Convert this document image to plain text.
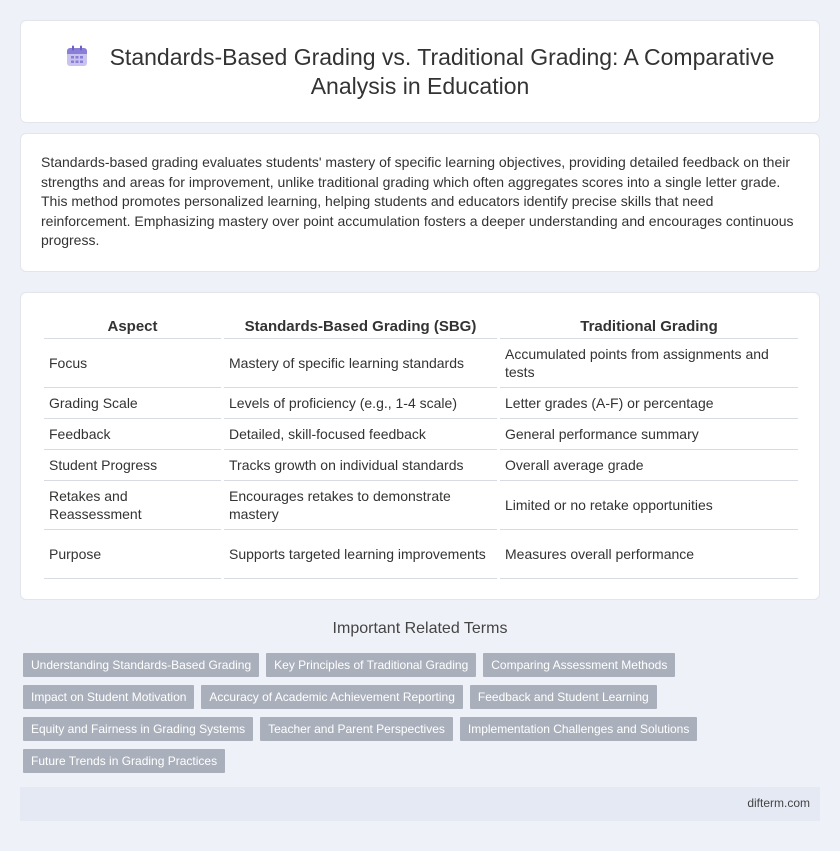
Standards-Based Grading vs. Traditional Grading: A Comparative Analysis in Education

Standards-based grading evaluates students' mastery of specific learning objectives, providing detailed feedback on their strengths and areas for improvement, unlike traditional grading which often aggregates scores into a single letter grade. This method promotes personalized learning, helping students and educators identify precise skills that need reinforcement. Emphasizing mastery over point accumulation fosters a deeper understanding and encourages continuous progress.

Aspect	Standards-Based Grading (SBG)	Traditional Grading
Focus	Mastery of specific learning standards	Accumulated points from assignments and tests
Grading Scale	Levels of proficiency (e.g., 1-4 scale)	Letter grades (A-F) or percentage
Feedback	Detailed, skill-focused feedback	General performance summary
Student Progress	Tracks growth on individual standards	Overall average grade
Retakes and Reassessment	Encourages retakes to demonstrate mastery	Limited or no retake opportunities
Purpose	Supports targeted learning improvements	Measures overall performance
Important Related Terms
Understanding Standards-Based Grading	Key Principles of Traditional Grading	Comparing Assessment Methods
Impact on Student Motivation	Accuracy of Academic Achievement Reporting	Feedback and Student Learning
Equity and Fairness in Grading Systems	Teacher and Parent Perspectives	Implementation Challenges and Solutions
Future Trends in Grading Practices
difterm.com
